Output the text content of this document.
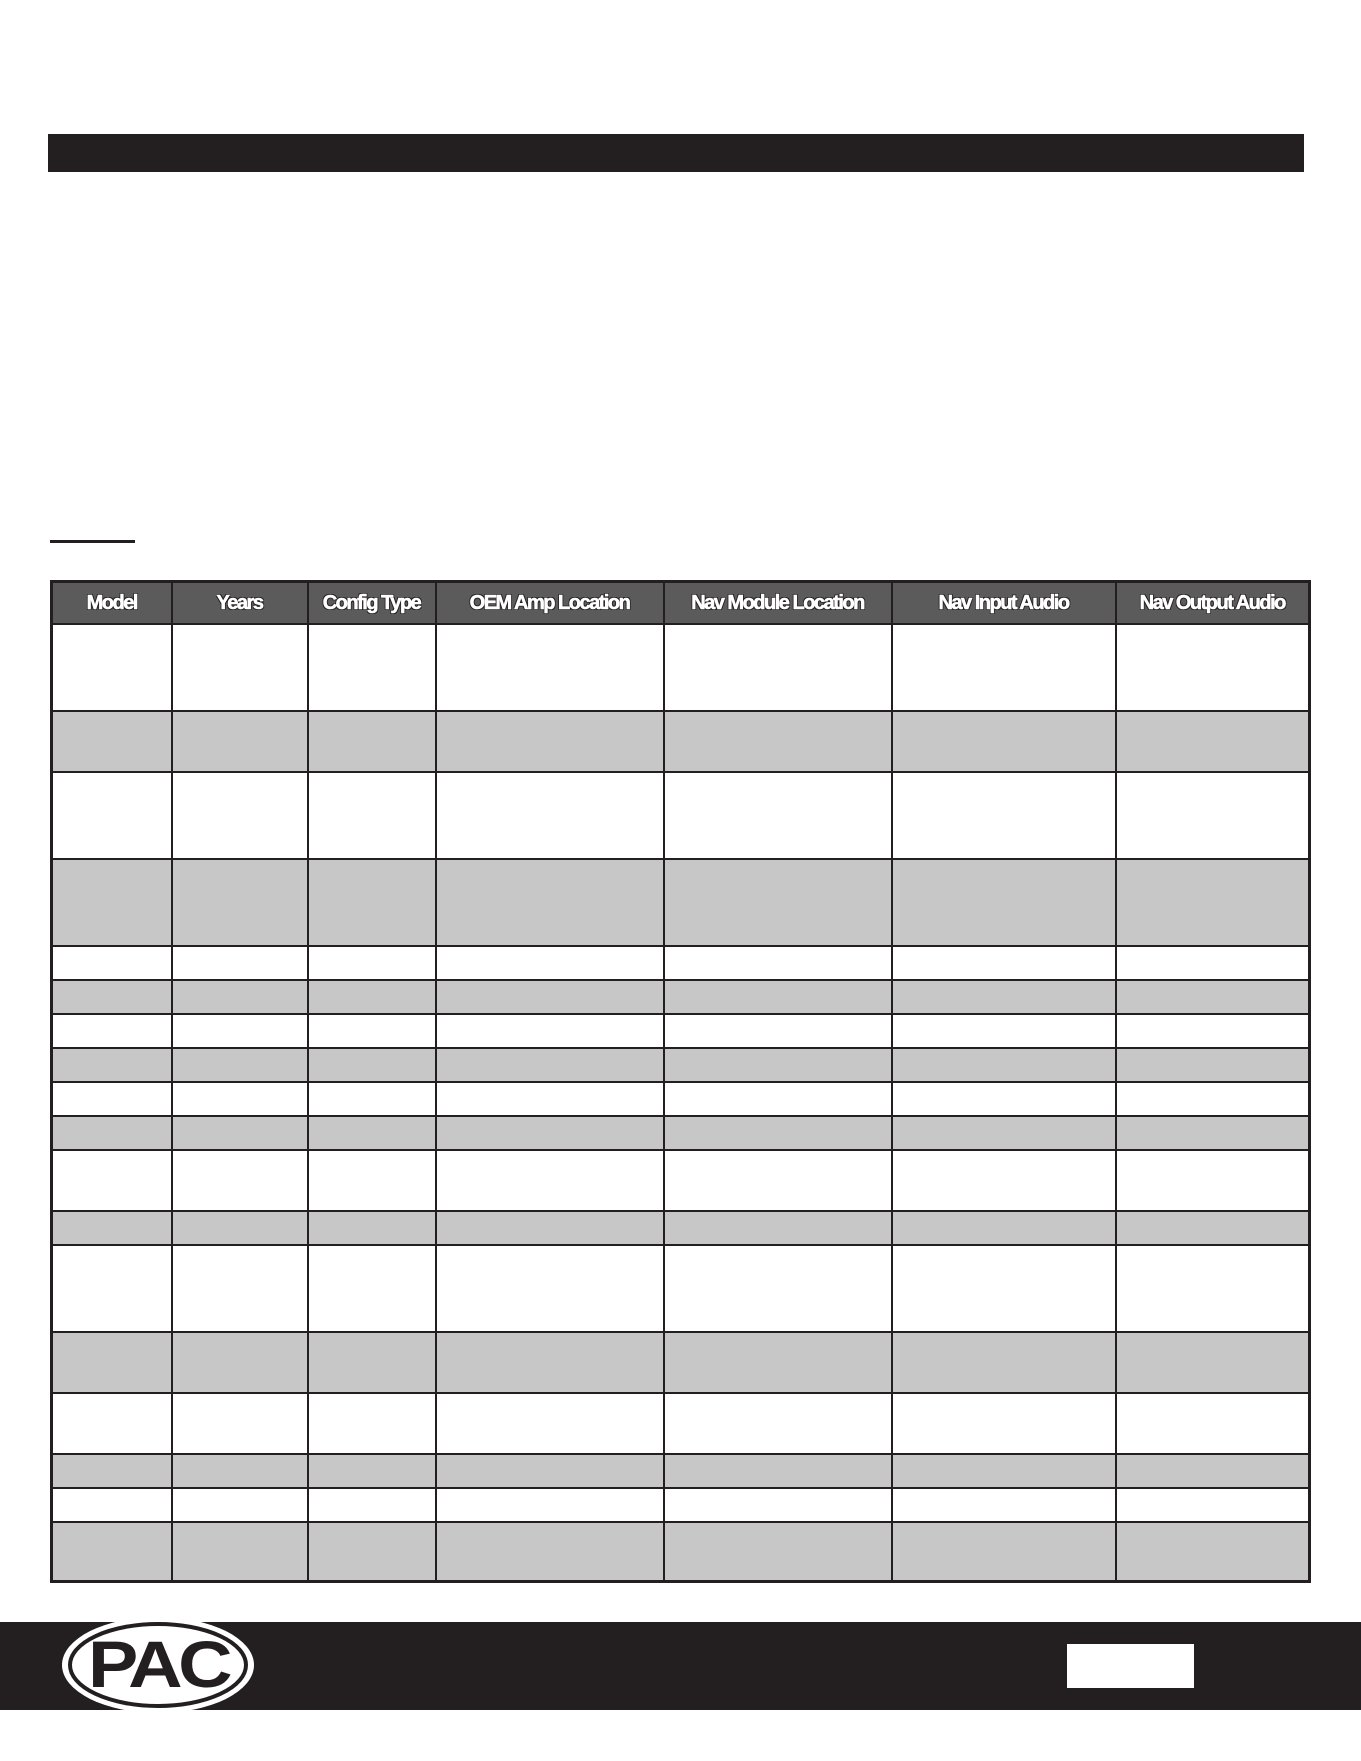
Model	Years	Config Type	OEM Amp Location	Nav Module Location	Nav Input Audio	Nav Output Audio

PAC
